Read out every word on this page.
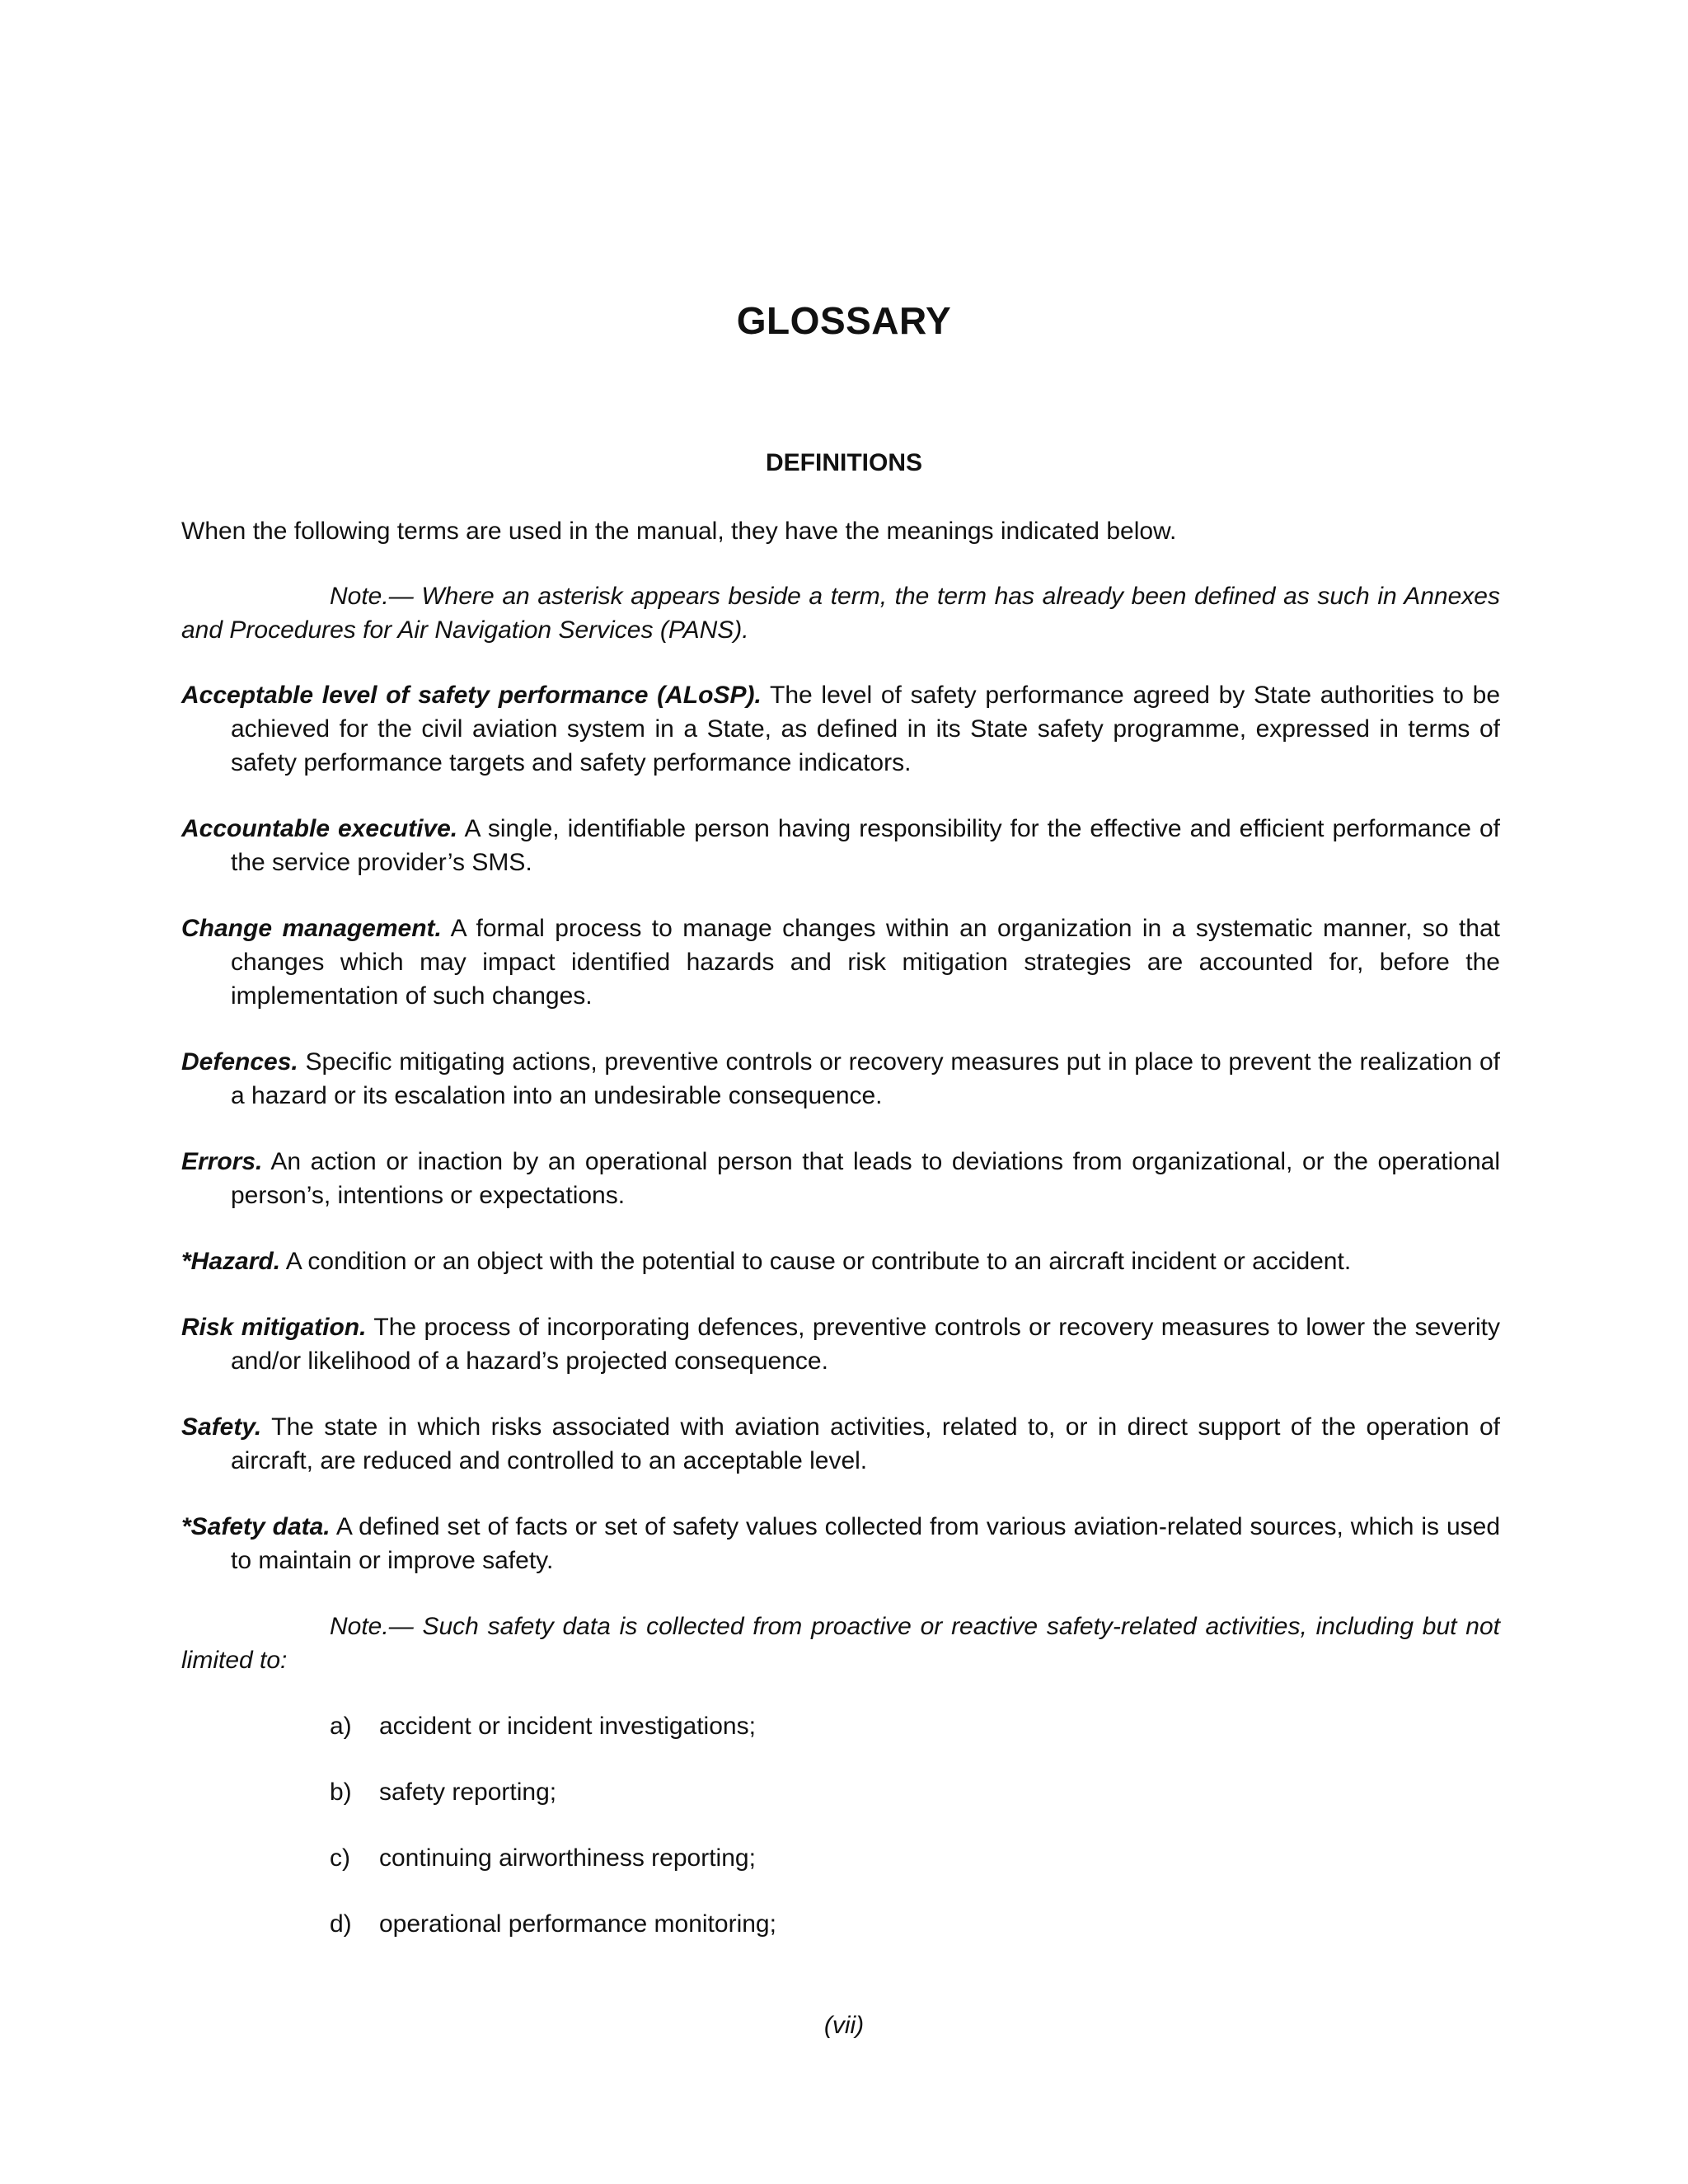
GLOSSARY
DEFINITIONS
When the following terms are used in the manual, they have the meanings indicated below.
Note.— Where an asterisk appears beside a term, the term has already been defined as such in Annexes and Procedures for Air Navigation Services (PANS).

Acceptable level of safety performance (ALoSP). The level of safety performance agreed by State authorities to be achieved for the civil aviation system in a State, as defined in its State safety programme, expressed in terms of safety performance targets and safety performance indicators.

Accountable executive. A single, identifiable person having responsibility for the effective and efficient performance of the service provider’s SMS.

Change management. A formal process to manage changes within an organization in a systematic manner, so that changes which may impact identified hazards and risk mitigation strategies are accounted for, before the implementation of such changes.

Defences. Specific mitigating actions, preventive controls or recovery measures put in place to prevent the realization of a hazard or its escalation into an undesirable consequence.

Errors. An action or inaction by an operational person that leads to deviations from organizational, or the operational person’s, intentions or expectations.

*Hazard. A condition or an object with the potential to cause or contribute to an aircraft incident or accident.

Risk mitigation. The process of incorporating defences, preventive controls or recovery measures to lower the severity and/or likelihood of a hazard’s projected consequence.

Safety. The state in which risks associated with aviation activities, related to, or in direct support of the operation of aircraft, are reduced and controlled to an acceptable level.

*Safety data. A defined set of facts or set of safety values collected from various aviation-related sources, which is used to maintain or improve safety.

Note.— Such safety data is collected from proactive or reactive safety-related activities, including but not limited to:

a) accident or incident investigations;
b) safety reporting;
c) continuing airworthiness reporting;
d) operational performance monitoring;
(vii)
